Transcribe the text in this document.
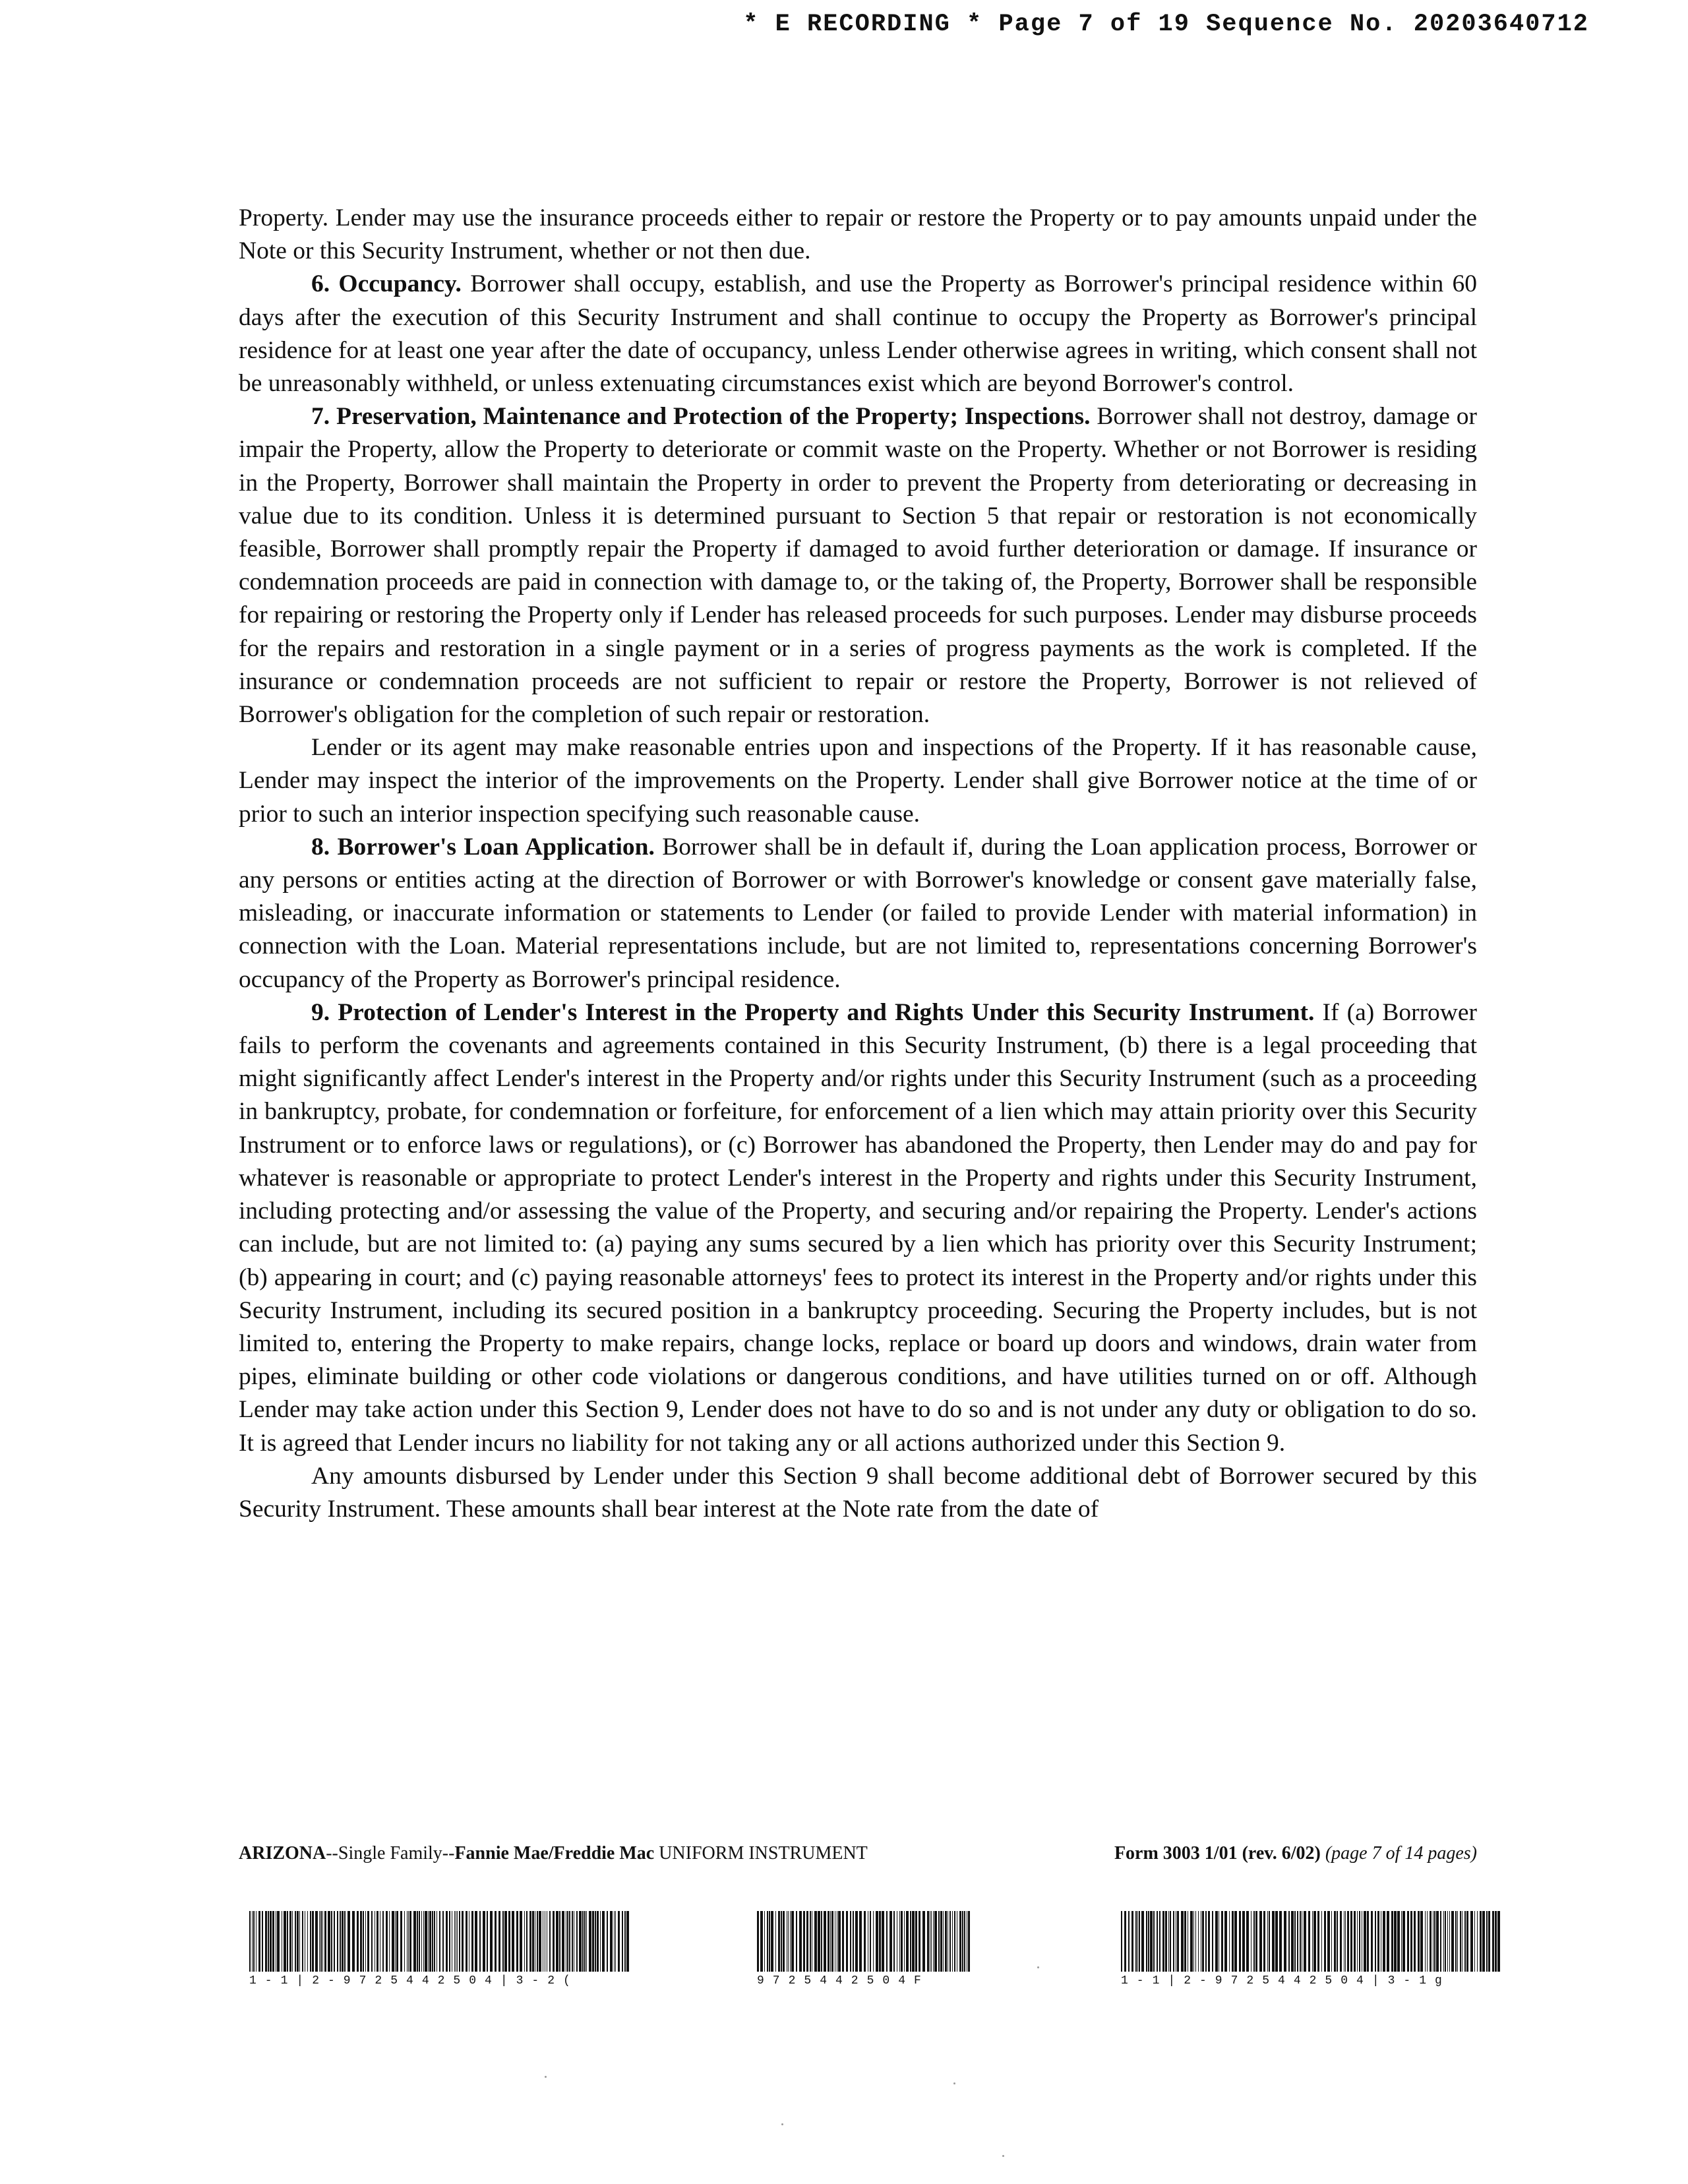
* E RECORDING * Page 7 of 19 Sequence No. 20203640712

Property. Lender may use the insurance proceeds either to repair or restore the Property or to pay amounts unpaid under the Note or this Security Instrument, whether or not then due.

6. Occupancy. Borrower shall occupy, establish, and use the Property as Borrower's principal residence within 60 days after the execution of this Security Instrument and shall continue to occupy the Property as Borrower's principal residence for at least one year after the date of occupancy, unless Lender otherwise agrees in writing, which consent shall not be unreasonably withheld, or unless extenuating circumstances exist which are beyond Borrower's control.

7. Preservation, Maintenance and Protection of the Property; Inspections. Borrower shall not destroy, damage or impair the Property, allow the Property to deteriorate or commit waste on the Property. Whether or not Borrower is residing in the Property, Borrower shall maintain the Property in order to prevent the Property from deteriorating or decreasing in value due to its condition. Unless it is determined pursuant to Section 5 that repair or restoration is not economically feasible, Borrower shall promptly repair the Property if damaged to avoid further deterioration or damage. If insurance or condemnation proceeds are paid in connection with damage to, or the taking of, the Property, Borrower shall be responsible for repairing or restoring the Property only if Lender has released proceeds for such purposes. Lender may disburse proceeds for the repairs and restoration in a single payment or in a series of progress payments as the work is completed. If the insurance or condemnation proceeds are not sufficient to repair or restore the Property, Borrower is not relieved of Borrower's obligation for the completion of such repair or restoration.

Lender or its agent may make reasonable entries upon and inspections of the Property. If it has reasonable cause, Lender may inspect the interior of the improvements on the Property. Lender shall give Borrower notice at the time of or prior to such an interior inspection specifying such reasonable cause.

8. Borrower's Loan Application. Borrower shall be in default if, during the Loan application process, Borrower or any persons or entities acting at the direction of Borrower or with Borrower's knowledge or consent gave materially false, misleading, or inaccurate information or statements to Lender (or failed to provide Lender with material information) in connection with the Loan. Material representations include, but are not limited to, representations concerning Borrower's occupancy of the Property as Borrower's principal residence.

9. Protection of Lender's Interest in the Property and Rights Under this Security Instrument. If (a) Borrower fails to perform the covenants and agreements contained in this Security Instrument, (b) there is a legal proceeding that might significantly affect Lender's interest in the Property and/or rights under this Security Instrument (such as a proceeding in bankruptcy, probate, for condemnation or forfeiture, for enforcement of a lien which may attain priority over this Security Instrument or to enforce laws or regulations), or (c) Borrower has abandoned the Property, then Lender may do and pay for whatever is reasonable or appropriate to protect Lender's interest in the Property and rights under this Security Instrument, including protecting and/or assessing the value of the Property, and securing and/or repairing the Property. Lender's actions can include, but are not limited to: (a) paying any sums secured by a lien which has priority over this Security Instrument; (b) appearing in court; and (c) paying reasonable attorneys' fees to protect its interest in the Property and/or rights under this Security Instrument, including its secured position in a bankruptcy proceeding. Securing the Property includes, but is not limited to, entering the Property to make repairs, change locks, replace or board up doors and windows, drain water from pipes, eliminate building or other code violations or dangerous conditions, and have utilities turned on or off. Although Lender may take action under this Section 9, Lender does not have to do so and is not under any duty or obligation to do so. It is agreed that Lender incurs no liability for not taking any or all actions authorized under this Section 9.

Any amounts disbursed by Lender under this Section 9 shall become additional debt of Borrower secured by this Security Instrument. These amounts shall bear interest at the Note rate from the date of

ARIZONA--Single Family--Fannie Mae/Freddie Mac UNIFORM INSTRUMENT	Form 3003 1/01 (rev. 6/02) (page 7 of 14 pages)
1-1|2-9725442504|3-2(	9725442504F	1-1|2-9725442504|3-1g
